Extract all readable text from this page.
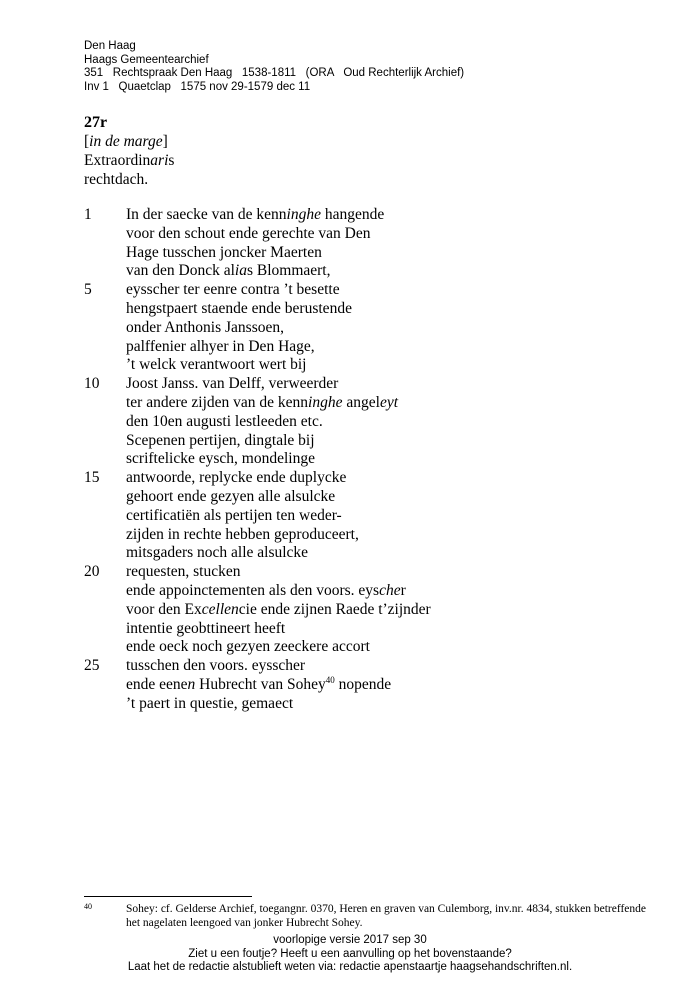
Den Haag
Haags Gemeentearchief
351   Rechtspraak Den Haag   1538-1811   (ORA   Oud Rechterlijk Archief)
Inv 1   Quaetclap   1575 nov 29-1579 dec 11
27r
[in de marge]
Extraordinaris
rechtdach.
1	In der saecke van de kenninghe hangende
voor den schout ende gerechte van Den
Hage tusschen joncker Maerten
van den Donck alias Blommaert,
5	eysscher ter eenre contra ’t besette
hengstpaert staende ende berustende
onder Anthonis Janssoen,
palffenier alhyer in Den Hage,
’t welck verantwoort wert bij
10	Joost Janss. van Delff, verweerder
ter andere zijden van de kenninghe angeleyt
den 10en augusti lestleeden etc.
Scepenen pertijen, dingtale bij
scriftelicke eysch, mondelinge
15	antwoorde, replycke ende duplycke
gehoort ende gezyen alle alsulcke
certificatiën als pertijen ten weder-
zijden in rechte hebben geproduceert,
mitsgaders noch alle alsulcke
20	requesten, stucken
ende appoinctementen als den voors. eyscher
voor den Excellencie ende zijnen Raede t’zijnder
intentie geobttineert heeft
ende oeck noch gezyen zeeckere accort
25	tusschen den voors. eysscher
ende eenen Hubrecht van Sohey$^{40}$ nopende
’t paert in questie, gemaect
40	Sohey: cf. Gelderse Archief, toegangnr. 0370, Heren en graven van Culemborg, inv.nr. 4834, stukken betreffende het nagelaten leengoed van jonker Hubrecht Sohey.
voorlopige versie 2017 sep 30
Ziet u een foutje? Heeft u een aanvulling op het bovenstaande?
Laat het de redactie alstublieft weten via: redactie apenstaartje haagsehandschriften.nl.
